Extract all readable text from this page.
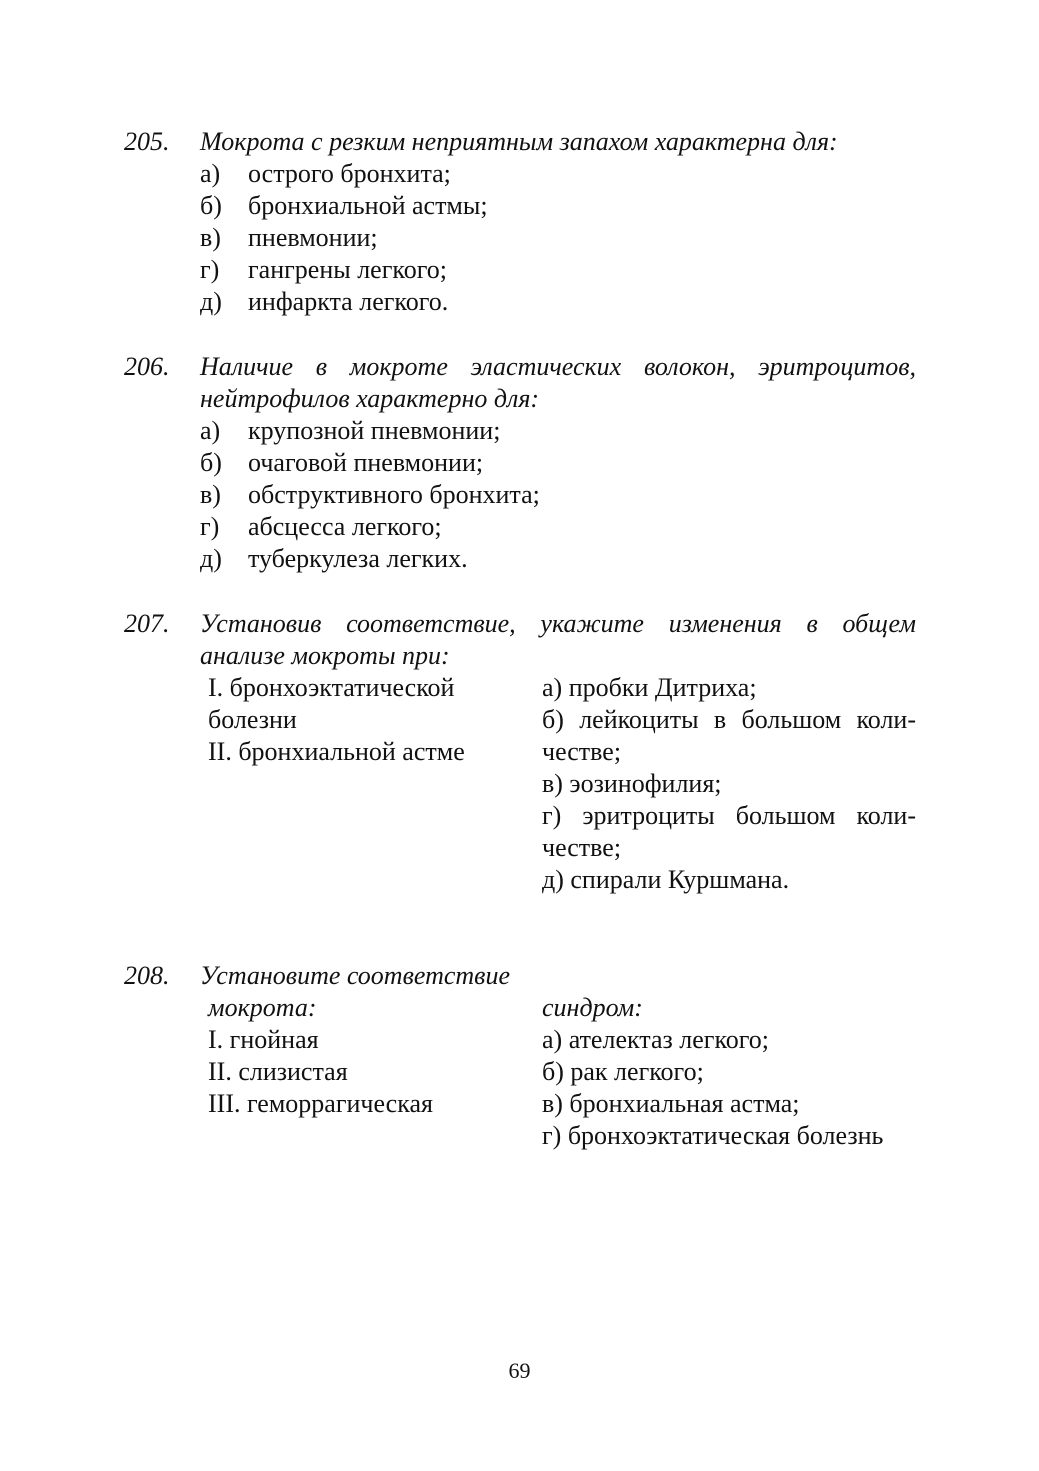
205. Мокрота с резким неприятным запахом характерна для:
а) острого бронхита;
б) бронхиальной астмы;
в) пневмонии;
г) гангрены легкого;
д) инфаркта легкого.
206. Наличие в мокроте эластических волокон, эритроцитов, нейтрофилов характерно для:
а) крупозной пневмонии;
б) очаговой пневмонии;
в) обструктивного бронхита;
г) абсцесса легкого;
д) туберкулеза легких.
207. Установив соответствие, укажите изменения в общем анализе мокроты при:
I. бронхоэктатической болезни
II. бронхиальной астме
а) пробки Дитриха;
б) лейкоциты в большом коли-честве;
в) эозинофилия;
г) эритроциты большом коли-честве;
д) спирали Куршмана.
208. Установите соответствие
мокрота:
I. гнойная
II. слизистая
III. геморрагическая
синдром:
а) ателектаз легкого;
б) рак легкого;
в) бронхиальная астма;
г) бронхоэктатическая болезнь
69
